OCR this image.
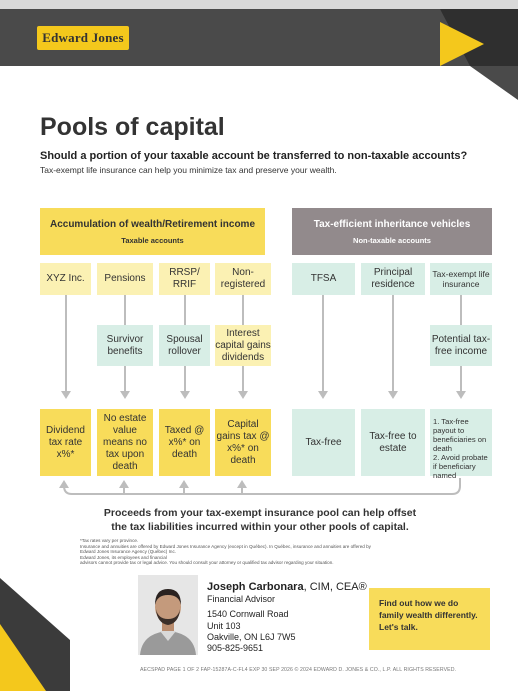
Edward Jones
Pools of capital
Should a portion of your taxable account be transferred to non-taxable accounts?
Tax-exempt life insurance can help you minimize tax and preserve your wealth.
Accumulation of wealth/Retirement income
Taxable accounts
Tax-efficient inheritance vehicles
Non-taxable accounts
XYZ Inc.	Pensions
RRSP/ RRIF
Non-registered
TFSA
Principal residence
Tax-exempt life insurance
Survivor benefits
Spousal rollover
Interest capital gains dividends
Potential tax-free income
Dividend tax rate x%*
No estate value means no tax upon death
Taxed @ x%* on death
Capital gains tax @ x%* on death
Tax-free
Tax-free to estate
1. Tax-free payout to beneficiaries on death
2. Avoid probate if beneficiary named
Proceeds from your tax-exempt insurance pool can help offset
the tax liabilities incurred within your other pools of capital.
*Tax rates vary per province.
Insurance and annuities are offered by Edward Jones Insurance Agency (except in Québec). In Québec, insurance and annuities are offered by
Edward Jones Insurance Agency (Québec) Inc.
Edward Jones, its employees and financial
advisors cannot provide tax or legal advice. You should consult your attorney or qualified tax advisor regarding your situation.
Joseph Carbonara, CIM, CEA®
Financial Advisor
1540 Cornwall Road
Unit 103
Oakville, ON L6J 7W5
905-825-9651
Find out how we do
family wealth differently.
Let's talk.
AECSPAD PAGE 1 OF 2 FAP-15287A-C-FL4 EXP 30 SEP 2026 © 2024 EDWARD D. JONES & CO., L.P. ALL RIGHTS RESERVED.
